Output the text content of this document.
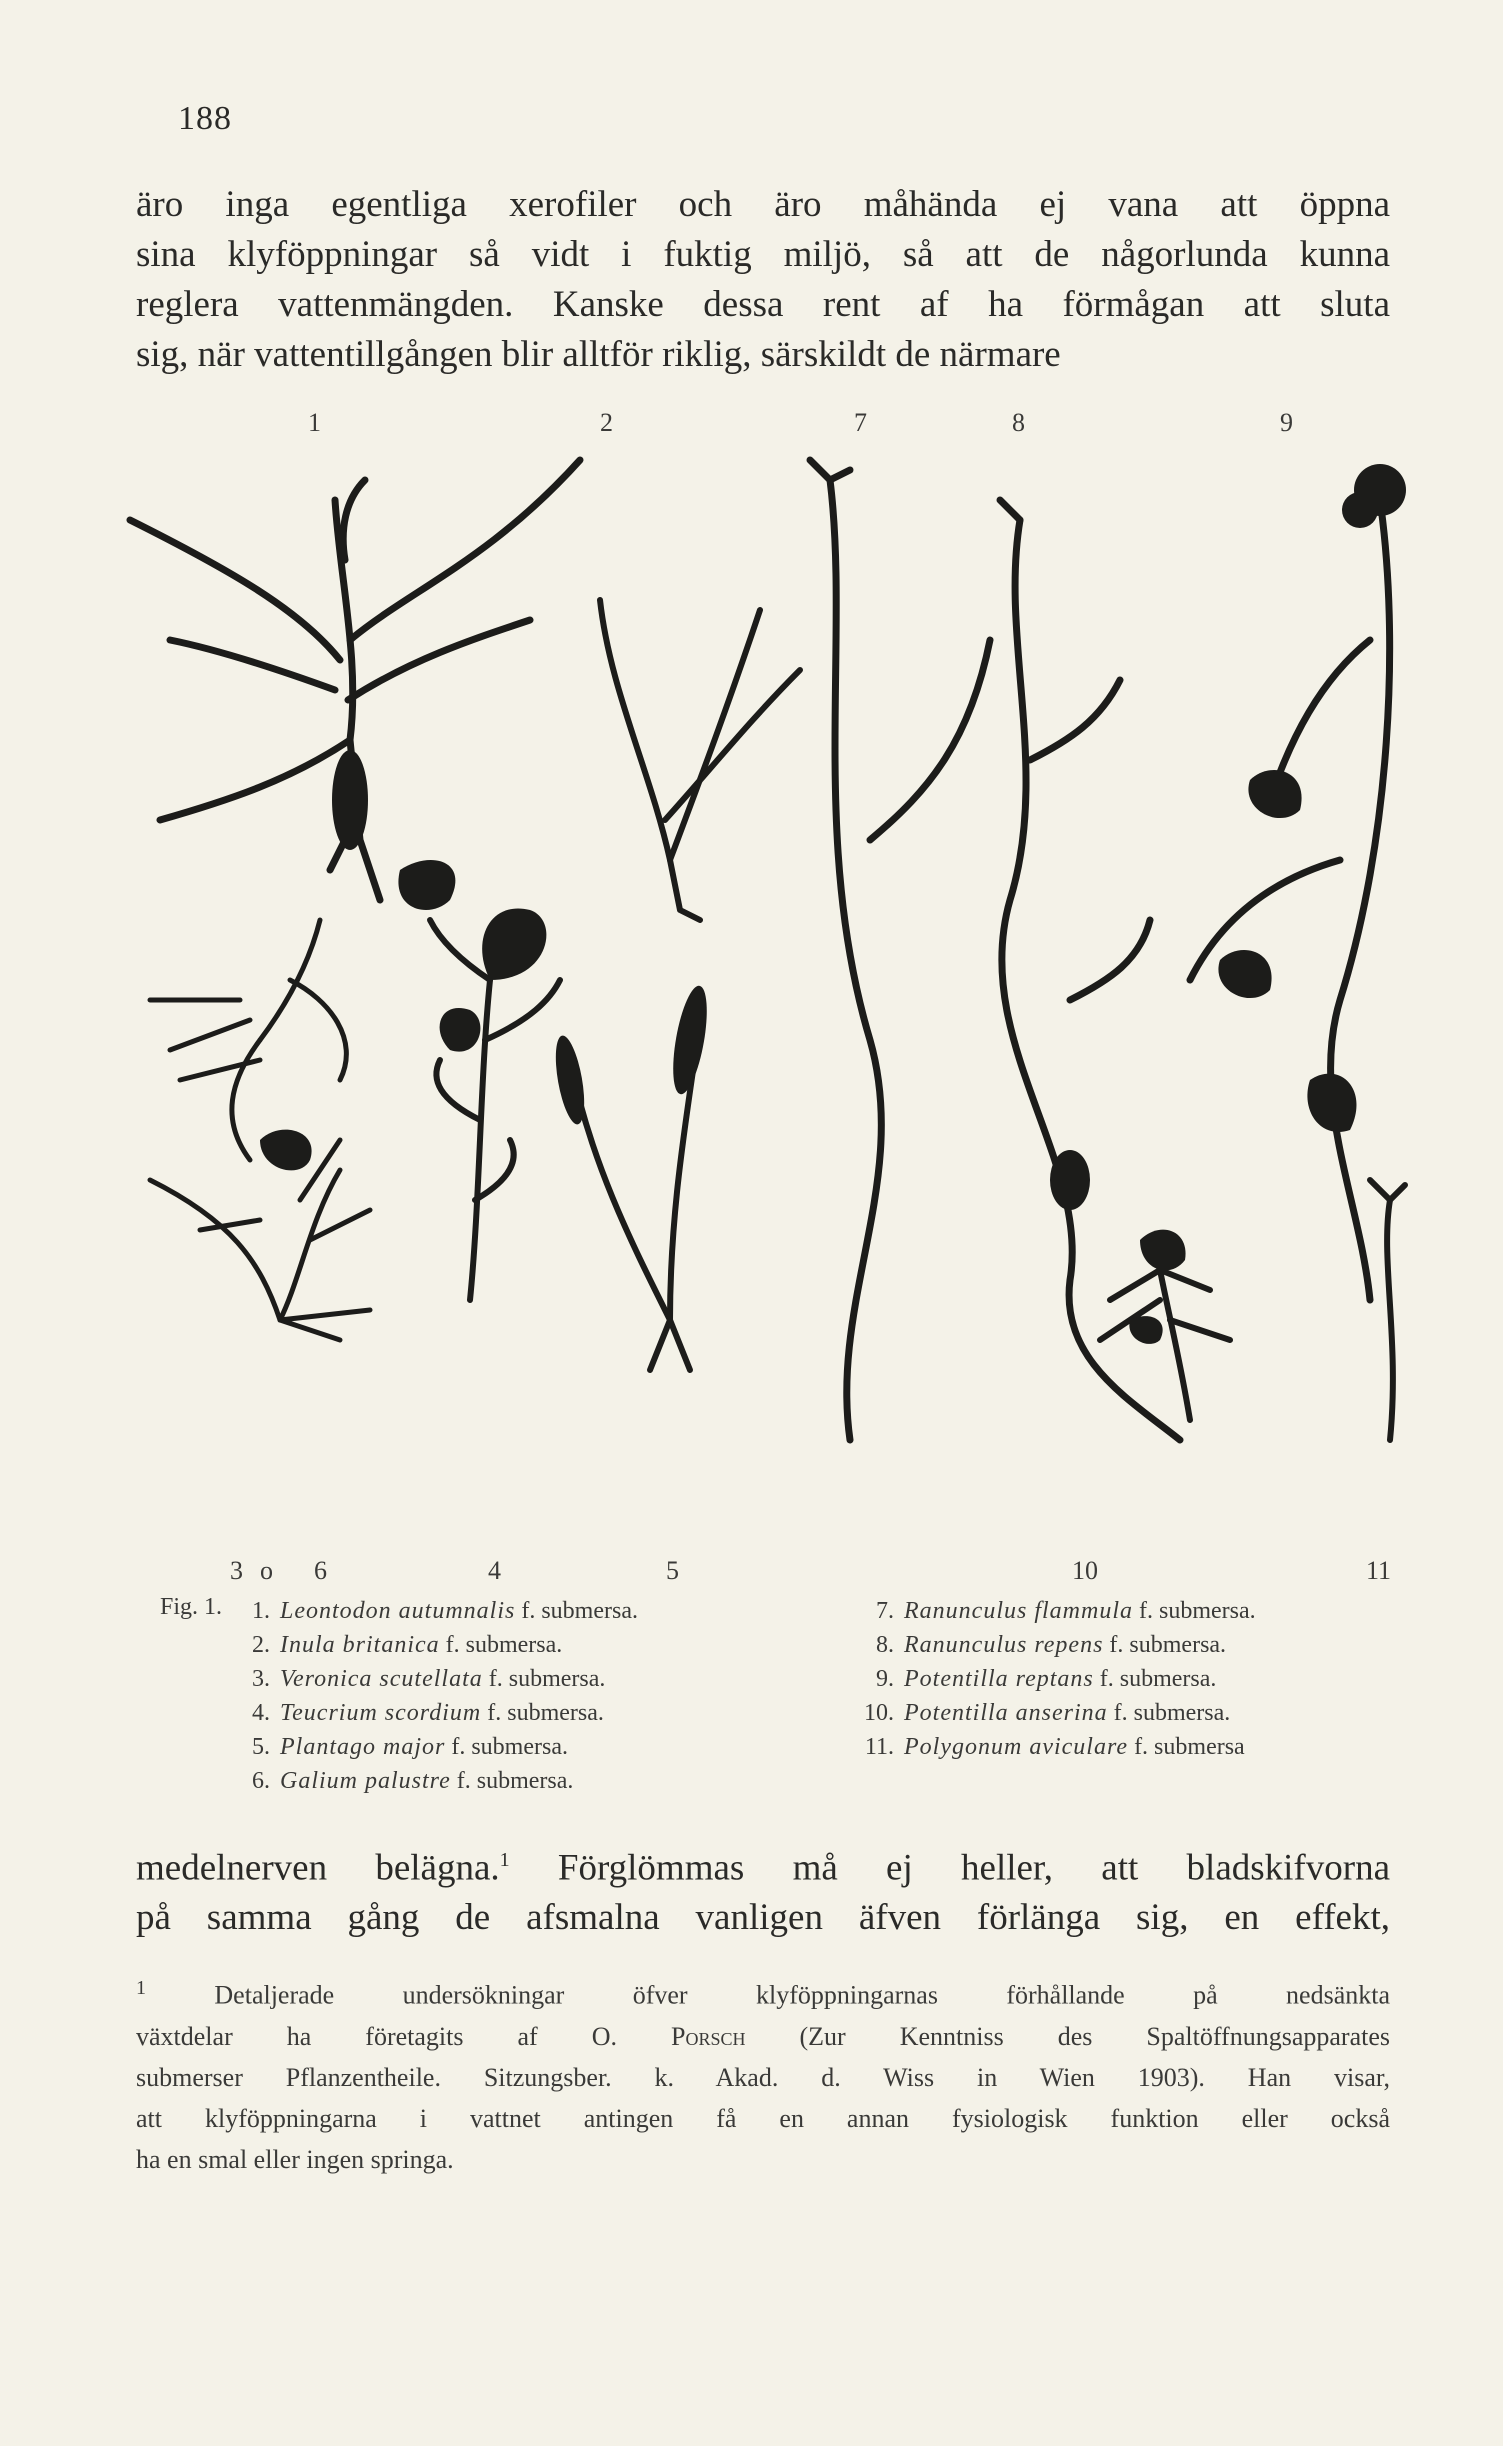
188

äro inga egentliga xerofiler och äro måhända ej vana att öppna
sina klyföppningar så vidt i fuktig miljö, så att de någorlunda kunna
reglera vattenmängden. Kanske dessa rent af ha förmågan att sluta
sig, när vattentillgången blir alltför riklig, särskildt de närmare

1	2	7	8	9
3 o 6	4	5	10	11
Fig. 1.	1. Leontodon autumnalis f. submersa.
2. Inula britanica f. submersa.
3. Veronica scutellata f. submersa.
4. Teucrium scordium f. submersa.
5. Plantago major f. submersa.
6. Galium palustre f. submersa.
7. Ranunculus flammula f. submersa.
8. Ranunculus repens f. submersa.
9. Potentilla reptans f. submersa.
10. Potentilla anserina f. submersa.
11. Polygonum aviculare f. submersa

medelnerven belägna.$^1$ Förglömmas må ej heller, att bladskifvorna
på samma gång de afsmalna vanligen äfven förlänga sig, en effekt,

$^1$	Detaljerade undersökningar öfver klyföppningarnas förhållande på nedsänkta
växtdelar ha företagits af O. Porsch (Zur Kenntniss des Spaltöffnungsapparates
submerser Pflanzentheile. Sitzungsber. k. Akad. d. Wiss in Wien 1903). Han visar,
att klyföppningarna i vattnet antingen få en annan fysiologisk funktion eller också
ha en smal eller ingen springa.
